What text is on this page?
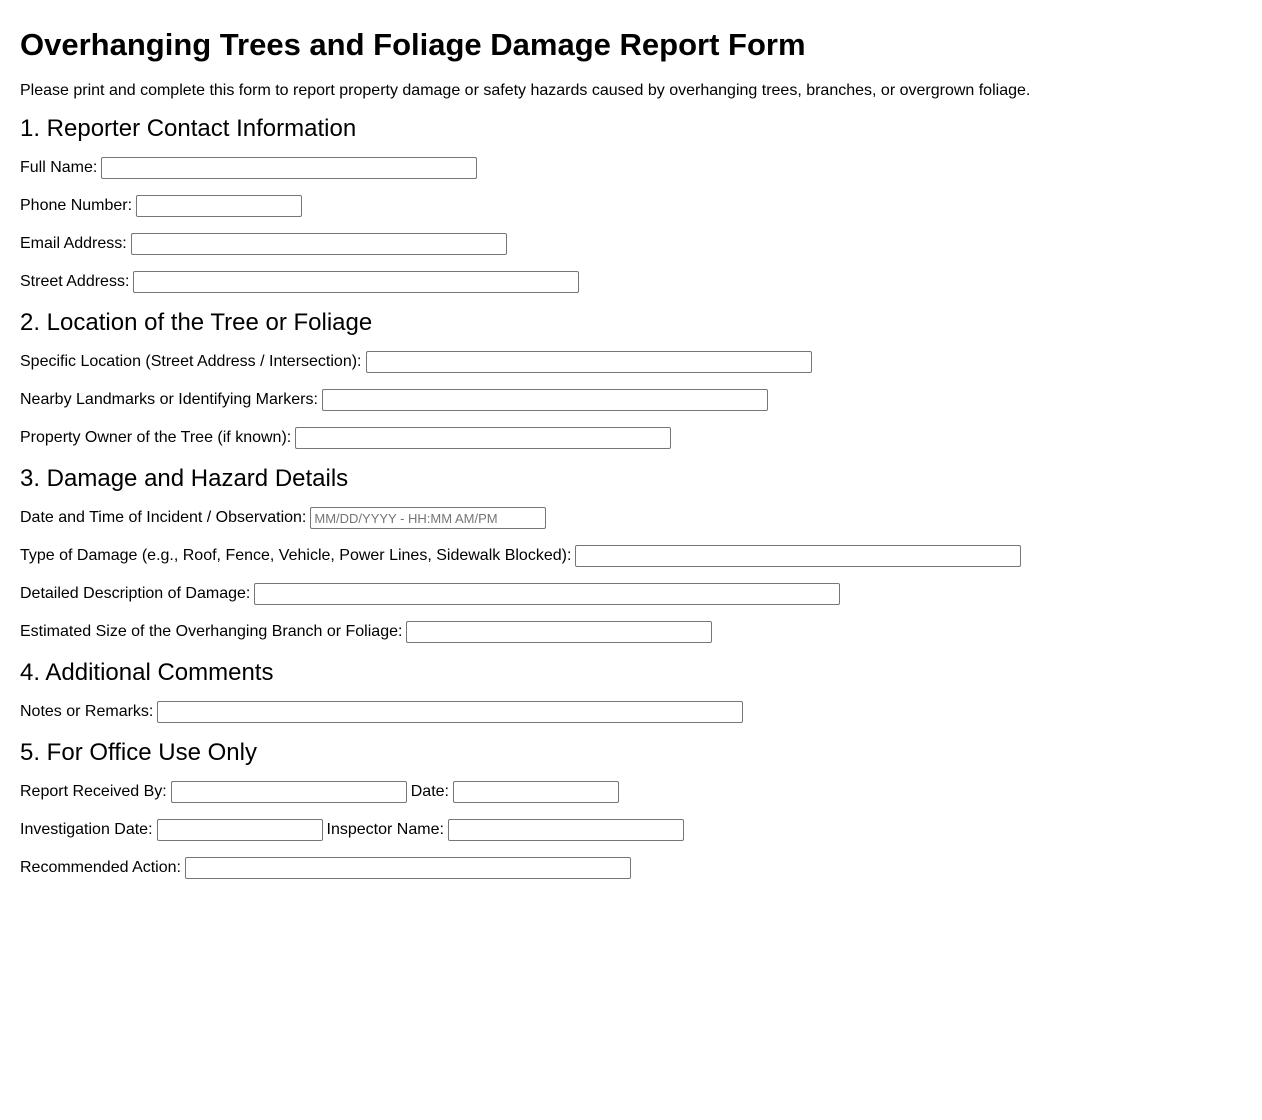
Overhanging Trees and Foliage Damage Report Form

Please print and complete this form to report property damage or safety hazards caused by overhanging trees, branches, or overgrown foliage.

1. Reporter Contact Information
Full Name:
Phone Number:
Email Address:
Street Address:
2. Location of the Tree or Foliage
Specific Location (Street Address / Intersection):
Nearby Landmarks or Identifying Markers:
Property Owner of the Tree (if known):
3. Damage and Hazard Details
Date and Time of Incident / Observation:
MM/DD/YYYY - HH:MM AM/PM
Type of Damage (e.g., Roof, Fence, Vehicle, Power Lines, Sidewalk Blocked):
Detailed Description of Damage:
Estimated Size of the Overhanging Branch or Foliage:
4. Additional Comments
Notes or Remarks:
5. For Office Use Only
Report Received By:	Date:
Investigation Date:	Inspector Name:
Recommended Action:
